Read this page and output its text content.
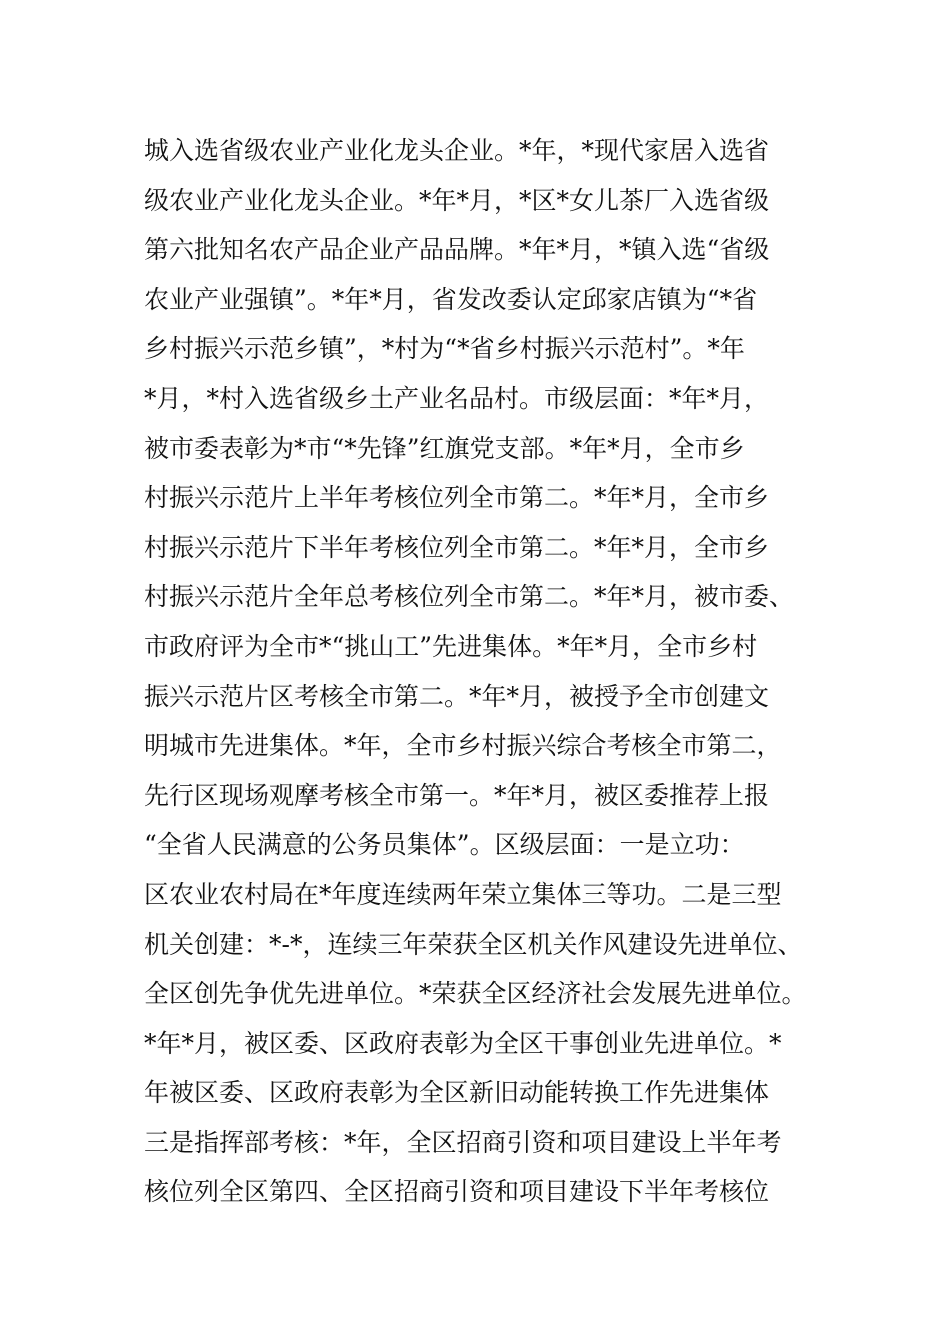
城入选省级农业产业化龙头企业。*年，*现代家居入选省
级农业产业化龙头企业。*年*月，*区*女儿茶厂入选省级
第六批知名农产品企业产品品牌。*年*月，*镇入选“省级
农业产业强镇”。*年*月，省发改委认定邱家店镇为“*省
乡村振兴示范乡镇”，*村为“*省乡村振兴示范村”。*年
*月，*村入选省级乡土产业名品村。市级层面：*年*月，
被市委表彰为*市“*先锋”红旗党支部。*年*月，全市乡
村振兴示范片上半年考核位列全市第二。*年*月，全市乡
村振兴示范片下半年考核位列全市第二。*年*月，全市乡
村振兴示范片全年总考核位列全市第二。*年*月，被市委、
市政府评为全市*“挑山工”先进集体。*年*月，全市乡村
振兴示范片区考核全市第二。*年*月，被授予全市创建文
明城市先进集体。*年，全市乡村振兴综合考核全市第二，
先行区现场观摩考核全市第一。*年*月，被区委推荐上报
“全省人民满意的公务员集体”。区级层面：一是立功：
区农业农村局在*年度连续两年荣立集体三等功。二是三型
机关创建：*-*，连续三年荣获全区机关作风建设先进单位、
全区创先争优先进单位。*荣获全区经济社会发展先进单位。
*年*月，被区委、区政府表彰为全区干事创业先进单位。*
年被区委、区政府表彰为全区新旧动能转换工作先进集体
三是指挥部考核：*年，全区招商引资和项目建设上半年考
核位列全区第四、全区招商引资和项目建设下半年考核位
